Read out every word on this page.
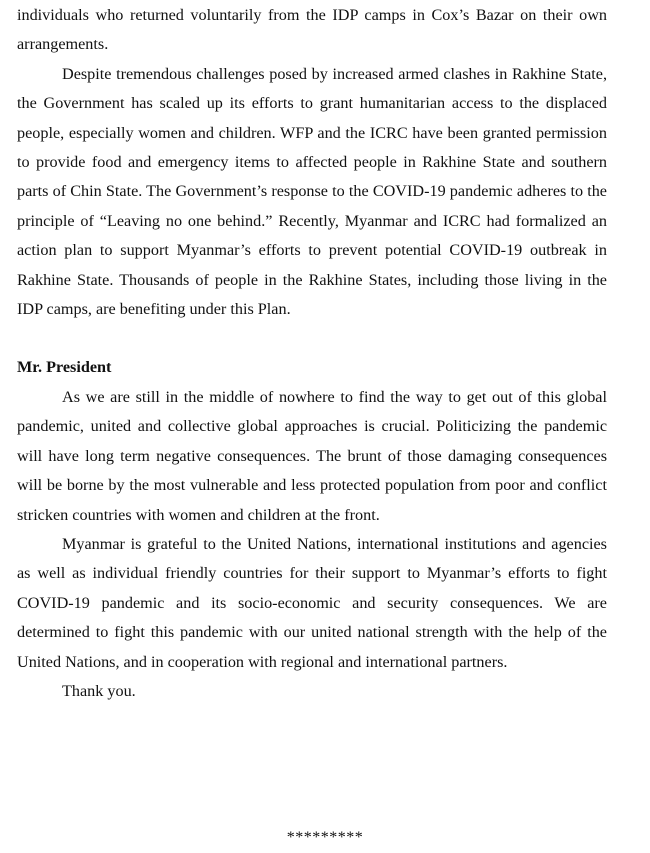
individuals who returned voluntarily from the IDP camps in Cox’s Bazar on their own arrangements.

Despite tremendous challenges posed by increased armed clashes in Rakhine State, the Government has scaled up its efforts to grant humanitarian access to the displaced people, especially women and children. WFP and the ICRC have been granted permission to provide food and emergency items to affected people in Rakhine State and southern parts of Chin State. The Government’s response to the COVID-19 pandemic adheres to the principle of “Leaving no one behind.” Recently, Myanmar and ICRC had formalized an action plan to support Myanmar’s efforts to prevent potential COVID-19 outbreak in Rakhine State. Thousands of people in the Rakhine States, including those living in the IDP camps, are benefiting under this Plan.

Mr. President

As we are still in the middle of nowhere to find the way to get out of this global pandemic, united and collective global approaches is crucial. Politicizing the pandemic will have long term negative consequences. The brunt of those damaging consequences will be borne by the most vulnerable and less protected population from poor and conflict stricken countries with women and children at the front.

Myanmar is grateful to the United Nations, international institutions and agencies as well as individual friendly countries for their support to Myanmar’s efforts to fight COVID-19 pandemic and its socio-economic and security consequences. We are determined to fight this pandemic with our united national strength with the help of the United Nations, and in cooperation with regional and international partners.

Thank you.

*********
